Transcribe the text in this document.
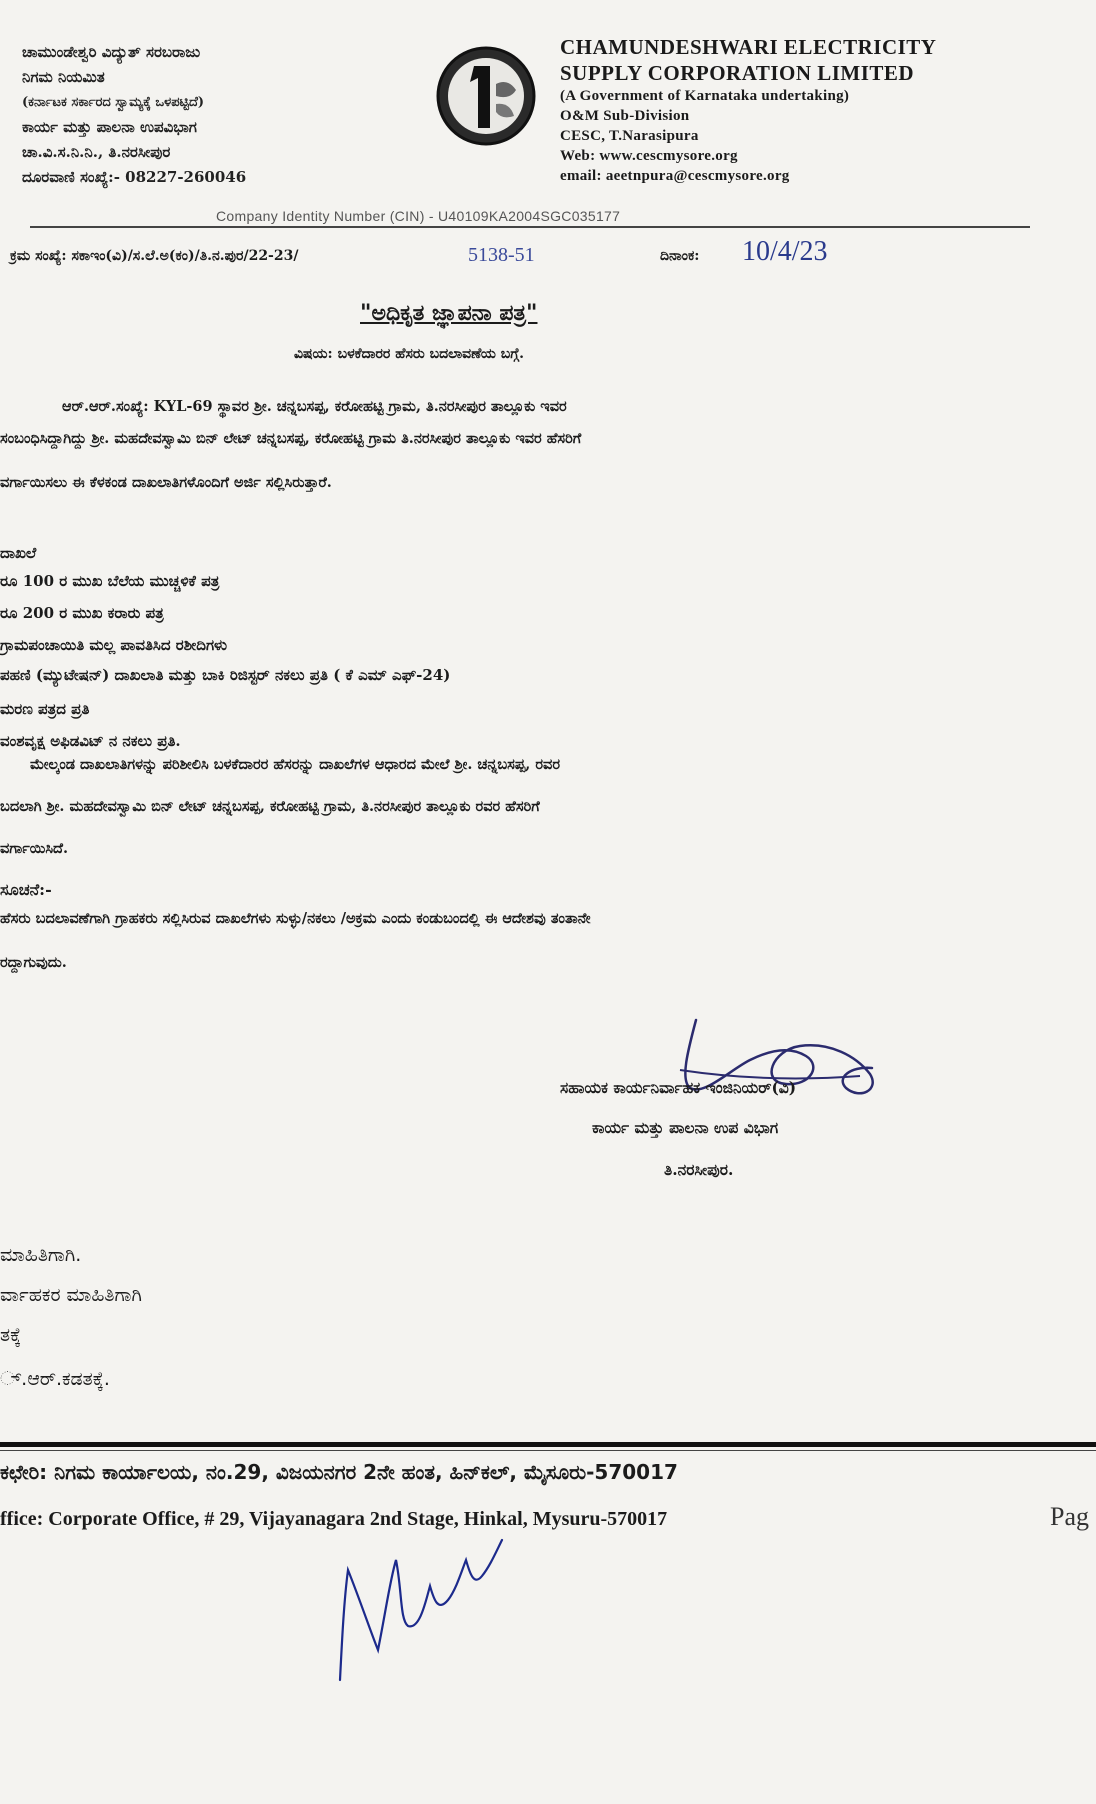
ಚಾಮುಂಡೇಶ್ವರಿ ವಿದ್ಯುತ್ ಸರಬರಾಜು
ನಿಗಮ ನಿಯಮಿತ
(ಕರ್ನಾಟಕ ಸರ್ಕಾರದ ಸ್ವಾಮ್ಯಕ್ಕೆ ಒಳಪಟ್ಟಿದೆ)
ಕಾರ್ಯ ಮತ್ತು ಪಾಲನಾ ಉಪವಿಭಾಗ
ಚಾ.ವಿ.ಸ.ನಿ.ನಿ., ತಿ.ನರಸೀಪುರ
ದೂರವಾಣಿ ಸಂಖ್ಯೆ:- 08227-260046
CHAMUNDESHWARI ELECTRICITY
SUPPLY CORPORATION LIMITED
(A Government of Karnataka undertaking)
O&M Sub-Division
CESC, T.Narasipura
Web: www.cescmysore.org
email: aeetnpura@cescmysore.org
Company Identity Number (CIN) - U40109KA2004SGC035177
ಕ್ರಮ ಸಂಖ್ಯೆ: ಸಕಾಇಂ(ವಿ)/ಸ.ಲೆ.ಅ(ಕಂ)/ತಿ.ನ.ಪುರ/22-23/	5138-51	ದಿನಾಂಕ: 10/4/23
"ಅಧಿಕೃತ ಜ್ಞಾಪನಾ ಪತ್ರ"
ವಿಷಯ: ಬಳಕೆದಾರರ ಹೆಸರು ಬದಲಾವಣೆಯ ಬಗ್ಗೆ.
ಆರ್.ಆರ್.ಸಂಖ್ಯೆ: KYL-69 ಸ್ಥಾವರ ಶ್ರೀ. ಚನ್ನಬಸಪ್ಪ, ಕರೋಹಟ್ಟಿ ಗ್ರಾಮ, ತಿ.ನರಸೀಪುರ ತಾಲ್ಲೂಕು ಇವರ
ಸಂಬಂಧಿಸಿದ್ದಾಗಿದ್ದು ಶ್ರೀ. ಮಹದೇವಸ್ವಾಮಿ ಬಿನ್ ಲೇಟ್ ಚನ್ನಬಸಪ್ಪ, ಕರೋಹಟ್ಟಿ ಗ್ರಾಮ ತಿ.ನರಸೀಪುರ ತಾಲ್ಲೂಕು ಇವರ ಹೆಸರಿಗೆ
ವರ್ಗಾಯಿಸಲು ಈ ಕೆಳಕಂಡ ದಾಖಲಾತಿಗಳೊಂದಿಗೆ ಅರ್ಜಿ ಸಲ್ಲಿಸಿರುತ್ತಾರೆ.
ದಾಖಲೆ
ರೂ 100 ರ ಮುಖ ಬೆಲೆಯ ಮುಚ್ಚಳಿಕೆ ಪತ್ರ
ರೂ 200 ರ ಮುಖ ಕರಾರು ಪತ್ರ
ಗ್ರಾಮಪಂಚಾಯಿತಿ ಮಲ್ಲ ಪಾವತಿಸಿದ ರಶೀದಿಗಳು
ಪಹಣಿ (ಮ್ಯುಟೇಷನ್) ದಾಖಲಾತಿ ಮತ್ತು ಬಾಕಿ ರಿಜಿಸ್ಟರ್ ನಕಲು ಪ್ರತಿ ( ಕೆ ಎಮ್ ಎಫ್-24)
ಮರಣ ಪತ್ರದ ಪ್ರತಿ
ವಂಶವೃಕ್ಷ ಅಫಿಡವಿಟ್ ನ ನಕಲು ಪ್ರತಿ.
ಮೇಲ್ಕಂಡ ದಾಖಲಾತಿಗಳನ್ನು ಪರಿಶೀಲಿಸಿ ಬಳಕೆದಾರರ ಹೆಸರನ್ನು ದಾಖಲೆಗಳ ಆಧಾರದ ಮೇಲೆ ಶ್ರೀ. ಚನ್ನಬಸಪ್ಪ, ರವರ
ಬದಲಾಗಿ ಶ್ರೀ. ಮಹದೇವಸ್ವಾಮಿ ಬಿನ್ ಲೇಟ್ ಚನ್ನಬಸಪ್ಪ, ಕರೋಹಟ್ಟಿ ಗ್ರಾಮ, ತಿ.ನರಸೀಪುರ ತಾಲ್ಲೂಕು ರವರ ಹೆಸರಿಗೆ
ವರ್ಗಾಯಿಸಿದೆ.
ಸೂಚನೆ:-
ಹೆಸರು ಬದಲಾವಣೆಗಾಗಿ ಗ್ರಾಹಕರು ಸಲ್ಲಿಸಿರುವ ದಾಖಲೆಗಳು ಸುಳ್ಳು/ನಕಲು /ಅಕ್ರಮ ಎಂದು ಕಂಡುಬಂದಲ್ಲಿ ಈ ಆದೇಶವು ತಂತಾನೇ
ರದ್ದಾಗುವುದು.
ಸಹಾಯಕ ಕಾರ್ಯನಿರ್ವಾಹಕ ಇಂಜಿನಿಯರ್(ವಿ)
ಕಾರ್ಯ ಮತ್ತು ಪಾಲನಾ ಉಪ ವಿಭಾಗ
ತಿ.ನರಸೀಪುರ.
ಮಾಹಿತಿಗಾಗಿ.
ರ್ವಾಹಕರ ಮಾಹಿತಿಗಾಗಿ
ತಕ್ಕೆ
್.ಆರ್.ಕಡತಕ್ಕೆ.
ಕಛೇರಿ: ನಿಗಮ ಕಾರ್ಯಾಲಯ, ನಂ.29, ವಿಜಯನಗರ 2ನೇ ಹಂತ, ಹಿನ್‌ಕಲ್, ಮೈಸೂರು-570017
ffice: Corporate Office, # 29, Vijayanagara 2nd Stage, Hinkal, Mysuru-570017	Pag
